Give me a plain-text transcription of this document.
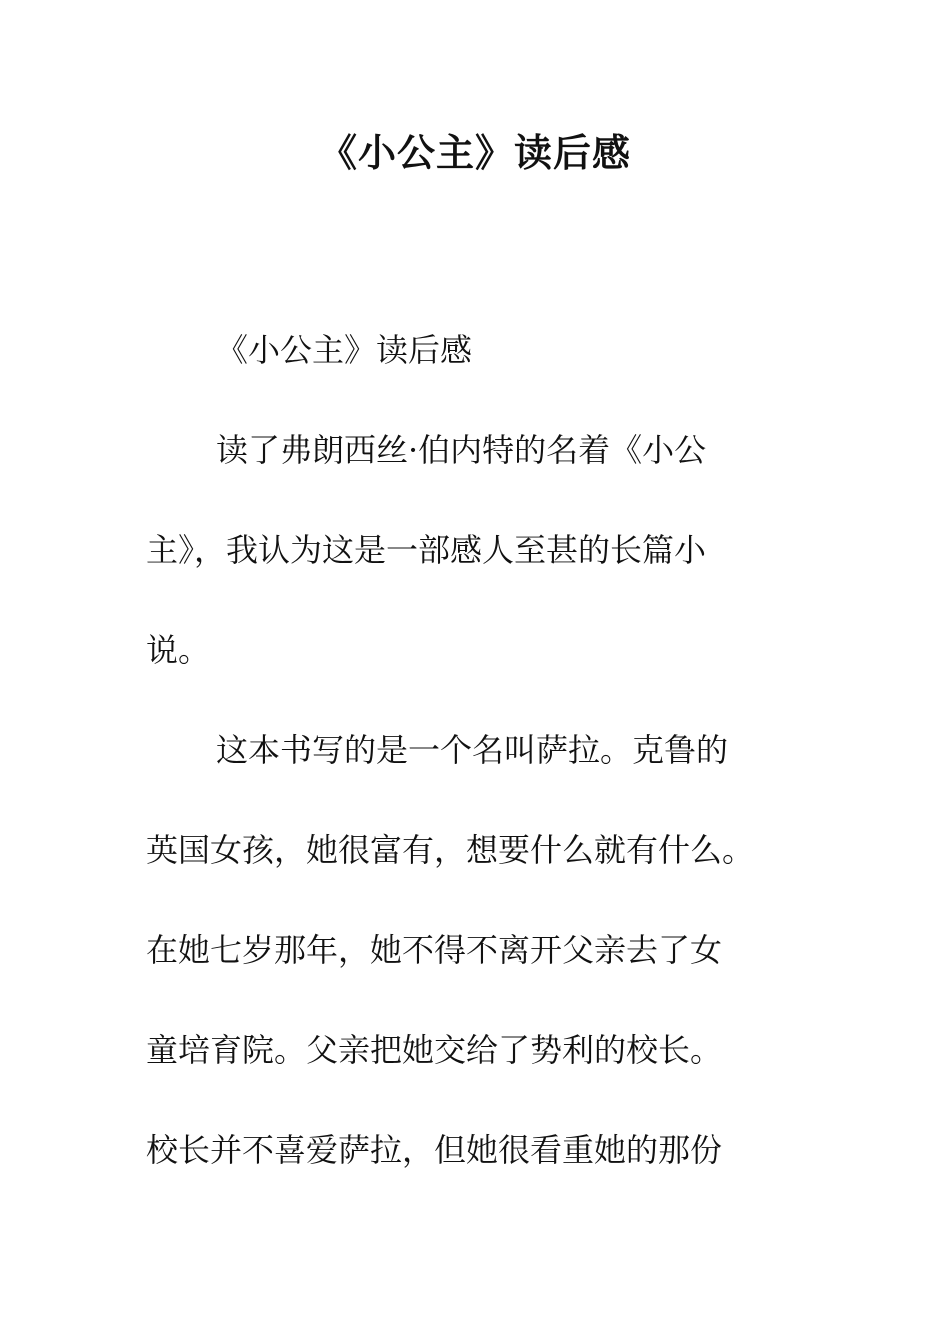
《小公主》读后感
《小公主》读后感
读了弗朗西丝·伯内特的名着《小公
主》，我认为这是一部感人至甚的长篇小
说。
这本书写的是一个名叫萨拉。克鲁的
英国女孩，她很富有，想要什么就有什么。
在她七岁那年，她不得不离开父亲去了女
童培育院。父亲把她交给了势利的校长。
校长并不喜爱萨拉，但她很看重她的那份
